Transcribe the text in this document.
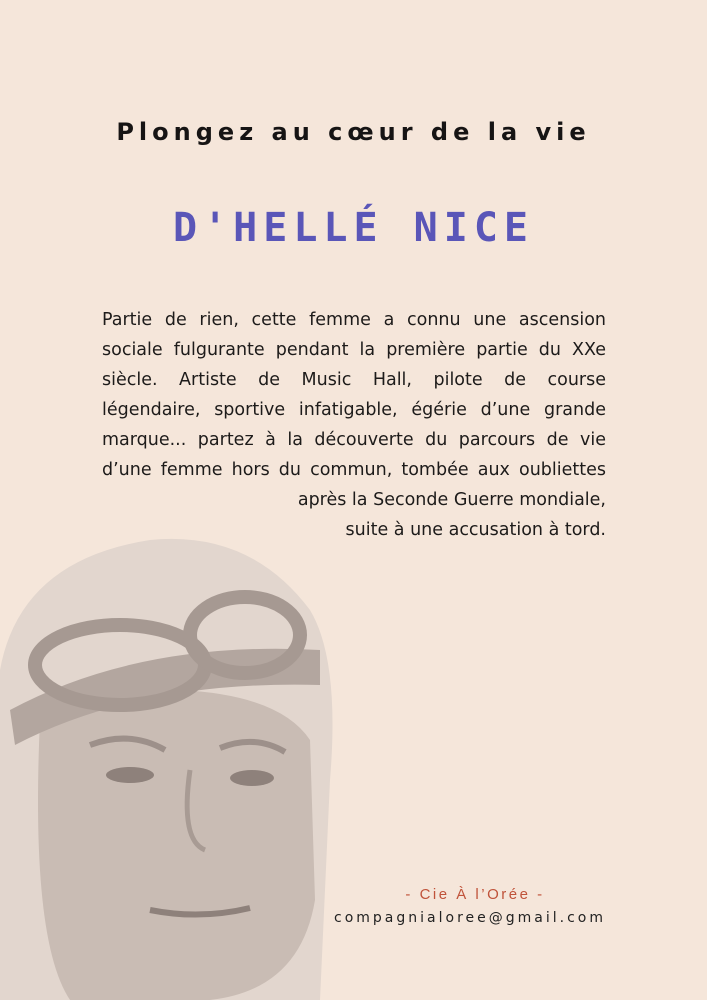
Plongez au cœur de la vie
D'HELLÉ NICE
Partie de rien, cette femme a connu une ascension
sociale fulgurante pendant la première partie du XXe
siècle. Artiste de Music Hall, pilote de course
légendaire, sportive infatigable, égérie d’une grande
marque... partez à la découverte du parcours de vie
d’une femme hors du commun, tombée aux oubliettes
après la Seconde Guerre mondiale,
suite à une accusation à tord.
- Cie À l’Orée -
compagnialoree@gmail.com
